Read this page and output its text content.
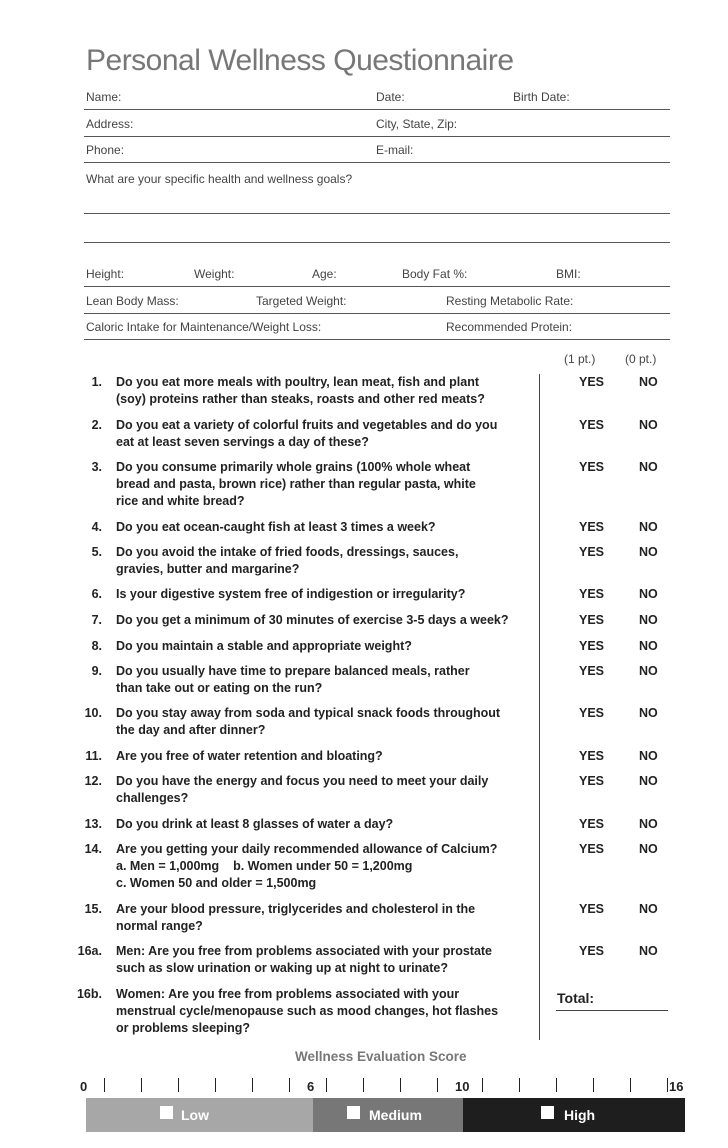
Personal Wellness Questionnaire
Name:	Date:	Birth Date:
Address:	City, State, Zip:
Phone:	E-mail:
What are your specific health and wellness goals?
Height:	Weight:	Age:	Body Fat %:	BMI:
Lean Body Mass:	Targeted Weight:	Resting Metabolic Rate:
Caloric Intake for Maintenance/Weight Loss:	Recommended Protein:
(1 pt.) (0 pt.)
1. Do you eat more meals with poultry, lean meat, fish and plant
(soy) proteins rather than steaks, roasts and other red meats?
YES	NO
2. Do you eat a variety of colorful fruits and vegetables and do you
eat at least seven servings a day of these?
YES	NO
3. Do you consume primarily whole grains (100% whole wheat
bread and pasta, brown rice) rather than regular pasta, white
rice and white bread?
YES	NO
4. Do you eat ocean-caught fish at least 3 times a week?	YES	NO
5. Do you avoid the intake of fried foods, dressings, sauces,
gravies, butter and margarine?
YES	NO
6. Is your digestive system free of indigestion or irregularity?	YES	NO
7. Do you get a minimum of 30 minutes of exercise 3-5 days a week?	YES	NO
8. Do you maintain a stable and appropriate weight?	YES	NO
9. Do you usually have time to prepare balanced meals, rather
than take out or eating on the run?
YES	NO
10. Do you stay away from soda and typical snack foods throughout
the day and after dinner?
YES	NO
11. Are you free of water retention and bloating?	YES	NO
12. Do you have the energy and focus you need to meet your daily
challenges?
YES	NO
13. Do you drink at least 8 glasses of water a day?	YES	NO
14. Are you getting your daily recommended allowance of Calcium?
a. Men = 1,000mg    b. Women under 50 = 1,200mg
c. Women 50 and older = 1,500mg
YES	NO
15. Are your blood pressure, triglycerides and cholesterol in the
normal range?
YES	NO
16a. Men: Are you free from problems associated with your prostate
such as slow urination or waking up at night to urinate?
YES	NO
16b. Women: Are you free from problems associated with your
menstrual cycle/menopause such as mood changes, hot flashes
or problems sleeping?
Total:
Wellness Evaluation Score
0	6	10	16
Low	Medium	High
